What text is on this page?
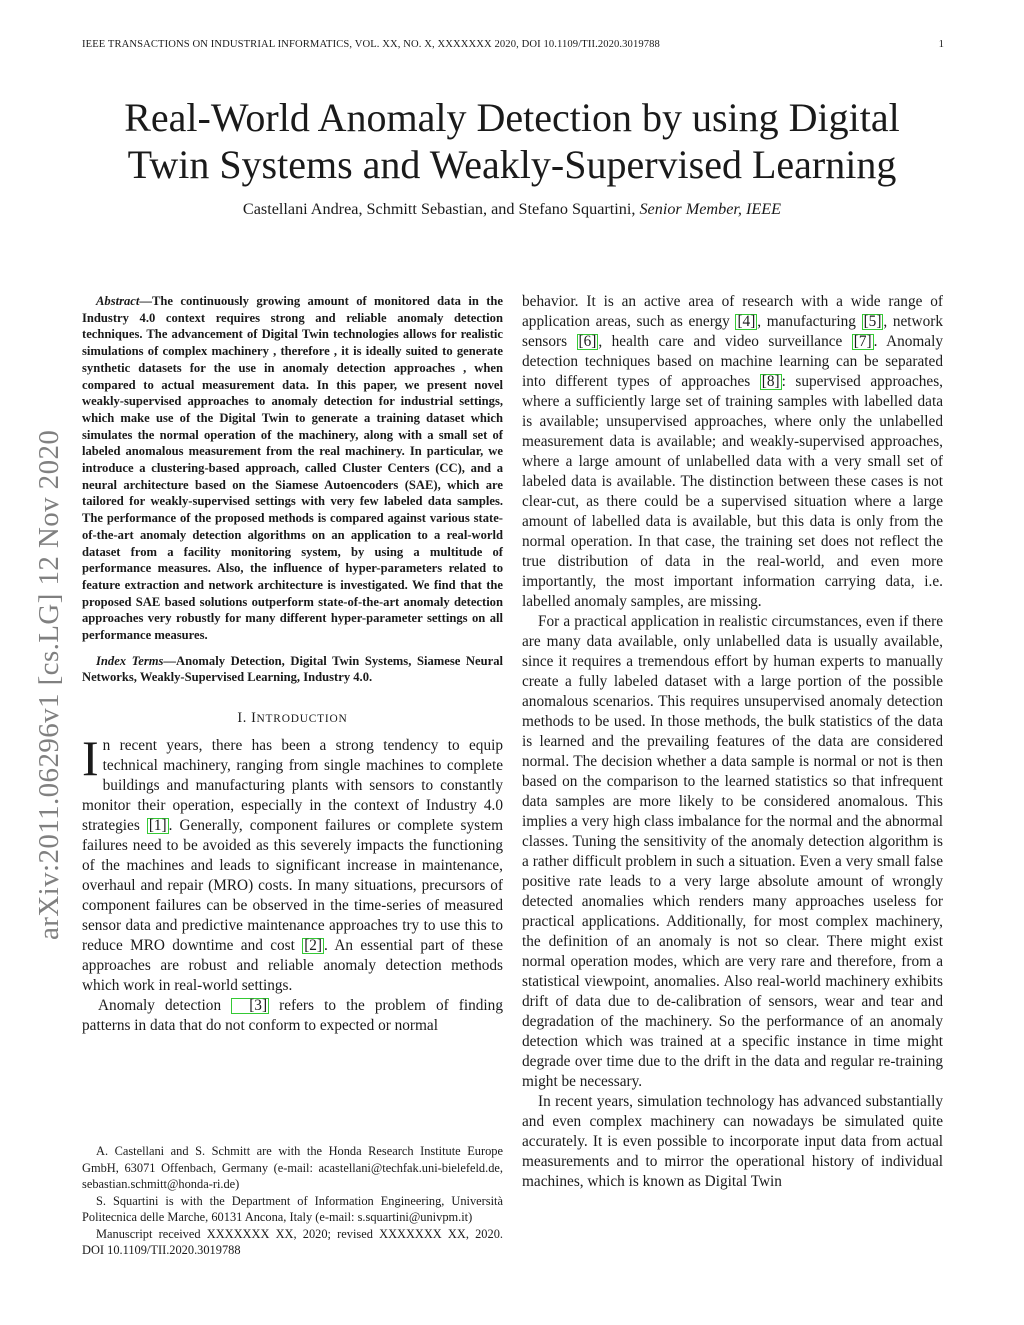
IEEE TRANSACTIONS ON INDUSTRIAL INFORMATICS, VOL. XX, NO. X, XXXXXXX 2020, DOI 10.1109/TII.2020.3019788	1
Real-World Anomaly Detection by using Digital
Twin Systems and Weakly-Supervised Learning
Castellani Andrea, Schmitt Sebastian, and Stefano Squartini, Senior Member, IEEE
arXiv:2011.06296v1 [cs.LG] 12 Nov 2020

Abstract—The continuously growing amount of monitored data in the Industry 4.0 context requires strong and reliable anomaly detection techniques. The advancement of Digital Twin technologies allows for realistic simulations of complex machinery , therefore , it is ideally suited to generate synthetic datasets for the use in anomaly detection approaches , when compared to actual measurement data. In this paper, we present novel weakly-supervised approaches to anomaly detection for industrial settings, which make use of the Digital Twin to generate a training dataset which simulates the normal operation of the machinery, along with a small set of labeled anomalous measurement from the real machinery. In particular, we introduce a clustering-based approach, called Cluster Centers (CC), and a neural architecture based on the Siamese Autoencoders (SAE), which are tailored for weakly-supervised settings with very few labeled data samples. The performance of the proposed methods is compared against various state-of-the-art anomaly detection algorithms on an application to a real-world dataset from a facility monitoring system, by using a multitude of performance measures. Also, the influence of hyper-parameters related to feature extraction and network architecture is investigated. We find that the proposed SAE based solutions outperform state-of-the-art anomaly detection approaches very robustly for many different hyper-parameter settings on all performance measures.

Index Terms—Anomaly Detection, Digital Twin Systems, Siamese Neural Networks, Weakly-Supervised Learning, Industry 4.0.

I. INTRODUCTION

In recent years, there has been a strong tendency to equip technical machinery, ranging from single machines to complete buildings and manufacturing plants with sensors to constantly monitor their operation, especially in the context of Industry 4.0 strategies [1] . Generally, component failures or complete system failures need to be avoided as this severely impacts the functioning of the machines and leads to significant increase in maintenance, overhaul and repair (MRO) costs. In many situations, precursors of component failures can be observed in the time-series of measured sensor data and predictive maintenance approaches try to use this to reduce MRO downtime and cost [2] . An essential part of these approaches are robust and reliable anomaly detection methods which work in real-world settings.

Anomaly detection [3] refers to the problem of finding patterns in data that do not conform to expected or normal

A. Castellani and S. Schmitt are with the Honda Research Institute Europe GmbH, 63071 Offenbach, Germany (e-mail: acastellani@techfak.uni-bielefeld.de, sebastian.schmitt@honda-ri.de)

S. Squartini is with the Department of Information Engineering, Università Politecnica delle Marche, 60131 Ancona, Italy (e-mail: s.squartini@univpm.it)

Manuscript received XXXXXXX XX, 2020; revised XXXXXXX XX, 2020. DOI 10.1109/TII.2020.3019788

behavior. It is an active area of research with a wide range of application areas, such as energy [4] , manufacturing [5] , network sensors [6] , health care and video surveillance [7] . Anomaly detection techniques based on machine learning can be separated into different types of approaches [8] : supervised approaches, where a sufficiently large set of training samples with labelled data is available; unsupervised approaches, where only the unlabelled measurement data is available; and weakly-supervised approaches, where a large amount of unlabelled data with a very small set of labeled data is available. The distinction between these cases is not clear-cut, as there could be a supervised situation where a large amount of labelled data is available, but this data is only from the normal operation. In that case, the training set does not reflect the true distribution of data in the real-world, and even more importantly, the most important information carrying data, i.e. labelled anomaly samples, are missing.

For a practical application in realistic circumstances, even if there are many data available, only unlabelled data is usually available, since it requires a tremendous effort by human experts to manually create a fully labeled dataset with a large portion of the possible anomalous scenarios. This requires unsupervised anomaly detection methods to be used. In those methods, the bulk statistics of the data is learned and the prevailing features of the data are considered normal. The decision whether a data sample is normal or not is then based on the comparison to the learned statistics so that infrequent data samples are more likely to be considered anomalous. This implies a very high class imbalance for the normal and the abnormal classes. Tuning the sensitivity of the anomaly detection algorithm is a rather difficult problem in such a situation. Even a very small false positive rate leads to a very large absolute amount of wrongly detected anomalies which renders many approaches useless for practical applications. Additionally, for most complex machinery, the definition of an anomaly is not so clear. There might exist normal operation modes, which are very rare and therefore, from a statistical viewpoint, anomalies. Also real-world machinery exhibits drift of data due to de-calibration of sensors, wear and tear and degradation of the machinery. So the performance of an anomaly detection which was trained at a specific instance in time might degrade over time due to the drift in the data and regular re-training might be necessary.

In recent years, simulation technology has advanced substantially and even complex machinery can nowadays be simulated quite accurately. It is even possible to incorporate input data from actual measurements and to mirror the operational history of individual machines, which is known as Digital Twin
